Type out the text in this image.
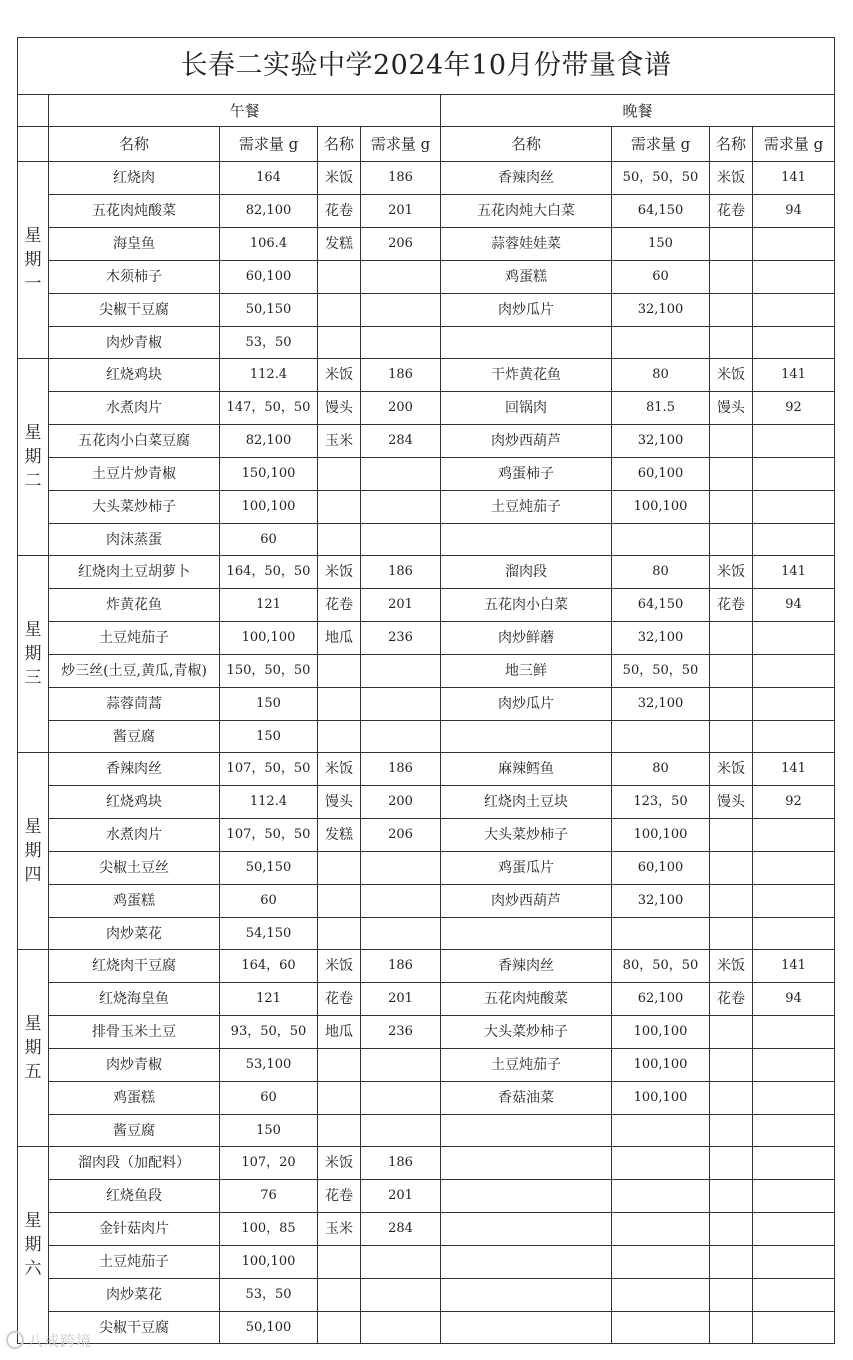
长春二实验中学2024年10月份带量食谱								
	午餐				晚餐			
	名称	需求量 g	名称	需求量 g	名称	需求量 g	名称	需求量 g

星期一	红烧肉	164	米饭	186	香辣肉丝	50，50，50	米饭	141
	五花肉炖酸菜	82,100	花卷	201	五花肉炖大白菜	64,150	花卷	94
	海皇鱼	106.4	发糕	206	蒜蓉娃娃菜	150		
	木须柿子	60,100			鸡蛋糕	60		
	尖椒干豆腐	50,150			肉炒瓜片	32,100		
	肉炒青椒	53，50						

星期二	红烧鸡块	112.4	米饭	186	干炸黄花鱼	80	米饭	141
	水煮肉片	147，50，50	馒头	200	回锅肉	81.5	馒头	92
	五花肉小白菜豆腐	82,100	玉米	284	肉炒西葫芦	32,100		
	土豆片炒青椒	150,100			鸡蛋柿子	60,100		
	大头菜炒柿子	100,100			土豆炖茄子	100,100		
	肉沫蒸蛋	60						

星期三	红烧肉土豆胡萝卜	164，50，50	米饭	186	溜肉段	80	米饭	141
	炸黄花鱼	121	花卷	201	五花肉小白菜	64,150	花卷	94
	土豆炖茄子	100,100	地瓜	236	肉炒鲜蘑	32,100		
	炒三丝(土豆,黄瓜,青椒)	150，50，50			地三鲜	50，50，50		
	蒜蓉茼蒿	150			肉炒瓜片	32,100		
	酱豆腐	150						

星期四	香辣肉丝	107，50，50	米饭	186	麻辣鳕鱼	80	米饭	141
	红烧鸡块	112.4	馒头	200	红烧肉土豆块	123，50	馒头	92
	水煮肉片	107，50，50	发糕	206	大头菜炒柿子	100,100		
	尖椒土豆丝	50,150			鸡蛋瓜片	60,100		
	鸡蛋糕	60			肉炒西葫芦	32,100		
	肉炒菜花	54,150						

星期五	红烧肉干豆腐	164，60	米饭	186	香辣肉丝	80，50，50	米饭	141
	红烧海皇鱼	121	花卷	201	五花肉炖酸菜	62,100	花卷	94
	排骨玉米土豆	93，50，50	地瓜	236	大头菜炒柿子	100,100		
	肉炒青椒	53,100			土豆炖茄子	100,100		
	鸡蛋糕	60			香菇油菜	100,100		
	酱豆腐	150						

星期六	溜肉段（加配料）	107，20	米饭	186				
	红烧鱼段	76	花卷	201				
	金针菇肉片	100，85	玉米	284				
	土豆炖茄子	100,100						
	肉炒菜花	53，50						
	尖椒干豆腐	50,100						
八戒跨境
